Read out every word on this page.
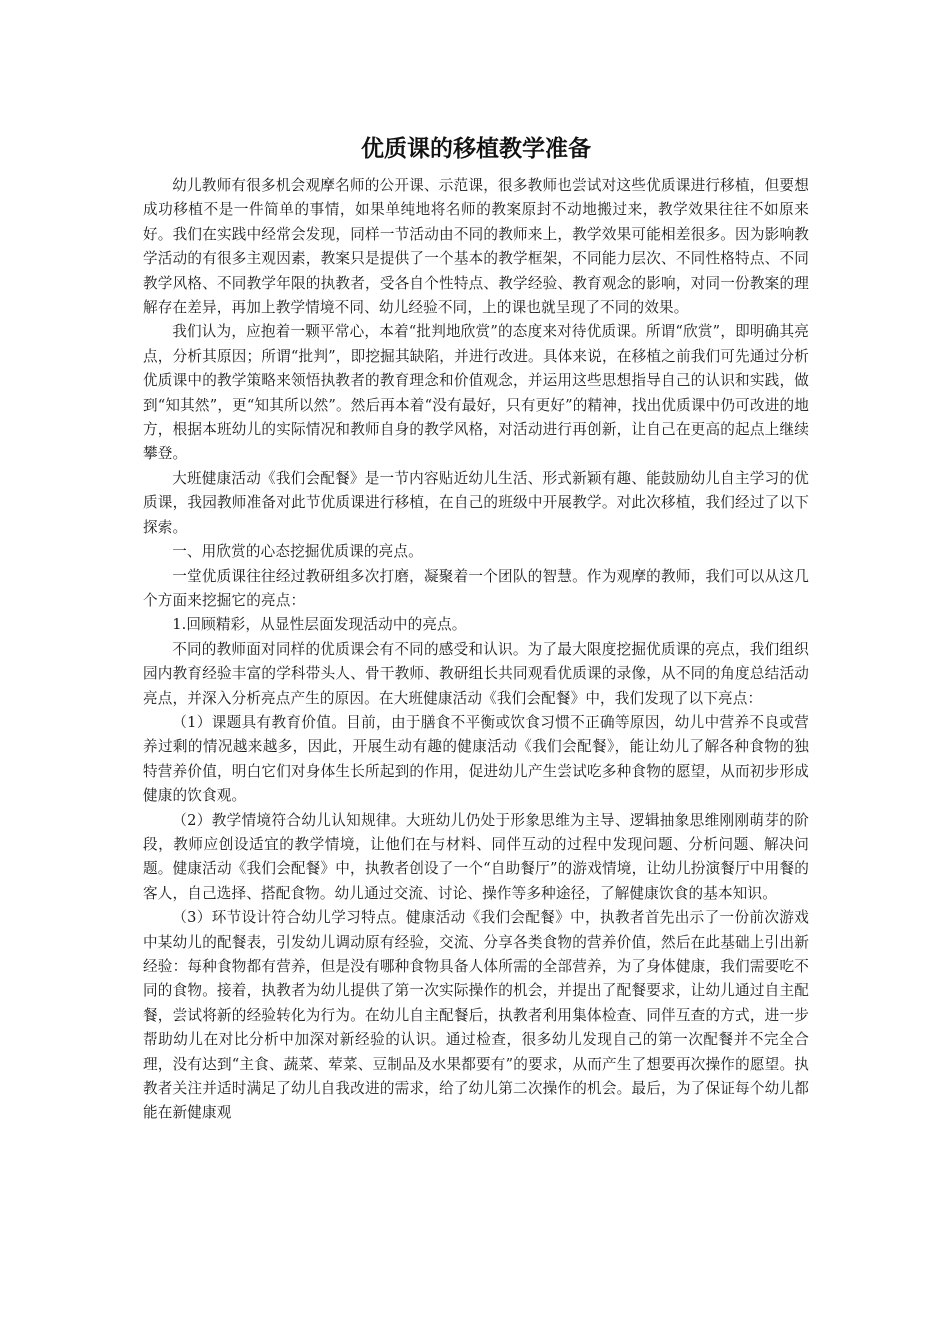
优质课的移植教学准备

幼儿教师有很多机会观摩名师的公开课、示范课，很多教师也尝试对这些优质课进行移植，但要想成功移植不是一件简单的事情，如果单纯地将名师的教案原封不动地搬过来，教学效果往往不如原来好。我们在实践中经常会发现，同样一节活动由不同的教师来上，教学效果可能相差很多。因为影响教学活动的有很多主观因素，教案只是提供了一个基本的教学框架，不同能力层次、不同性格特点、不同教学风格、不同教学年限的执教者，受各自个性特点、教学经验、教育观念的影响，对同一份教案的理解存在差异，再加上教学情境不同、幼儿经验不同，上的课也就呈现了不同的效果。

我们认为，应抱着一颗平常心，本着“批判地欣赏”的态度来对待优质课。所谓“欣赏”，即明确其亮点，分析其原因；所谓“批判”，即挖掘其缺陷，并进行改进。具体来说，在移植之前我们可先通过分析优质课中的教学策略来领悟执教者的教育理念和价值观念，并运用这些思想指导自己的认识和实践，做到“知其然”，更“知其所以然”。然后再本着“没有最好，只有更好”的精神，找出优质课中仍可改进的地方，根据本班幼儿的实际情况和教师自身的教学风格，对活动进行再创新，让自己在更高的起点上继续攀登。

大班健康活动《我们会配餐》是一节内容贴近幼儿生活、形式新颖有趣、能鼓励幼儿自主学习的优质课，我园教师准备对此节优质课进行移植，在自己的班级中开展教学。对此次移植，我们经过了以下探索。

一、用欣赏的心态挖掘优质课的亮点。

一堂优质课往往经过教研组多次打磨，凝聚着一个团队的智慧。作为观摩的教师，我们可以从这几个方面来挖掘它的亮点：

1.回顾精彩，从显性层面发现活动中的亮点。

不同的教师面对同样的优质课会有不同的感受和认识。为了最大限度挖掘优质课的亮点，我们组织园内教育经验丰富的学科带头人、骨干教师、教研组长共同观看优质课的录像，从不同的角度总结活动亮点，并深入分析亮点产生的原因。在大班健康活动《我们会配餐》中，我们发现了以下亮点：

（1）课题具有教育价值。目前，由于膳食不平衡或饮食习惯不正确等原因，幼儿中营养不良或营养过剩的情况越来越多，因此，开展生动有趣的健康活动《我们会配餐》，能让幼儿了解各种食物的独特营养价值，明白它们对身体生长所起到的作用，促进幼儿产生尝试吃多种食物的愿望，从而初步形成健康的饮食观。

（2）教学情境符合幼儿认知规律。大班幼儿仍处于形象思维为主导、逻辑抽象思维刚刚萌芽的阶段，教师应创设适宜的教学情境，让他们在与材料、同伴互动的过程中发现问题、分析问题、解决问题。健康活动《我们会配餐》中，执教者创设了一个“自助餐厅”的游戏情境，让幼儿扮演餐厅中用餐的客人，自己选择、搭配食物。幼儿通过交流、讨论、操作等多种途径，了解健康饮食的基本知识。

（3）环节设计符合幼儿学习特点。健康活动《我们会配餐》中，执教者首先出示了一份前次游戏中某幼儿的配餐表，引发幼儿调动原有经验，交流、分享各类食物的营养价值，然后在此基础上引出新经验：每种食物都有营养，但是没有哪种食物具备人体所需的全部营养，为了身体健康，我们需要吃不同的食物。接着，执教者为幼儿提供了第一次实际操作的机会，并提出了配餐要求，让幼儿通过自主配餐，尝试将新的经验转化为行为。在幼儿自主配餐后，执教者利用集体检查、同伴互查的方式，进一步帮助幼儿在对比分析中加深对新经验的认识。通过检查，很多幼儿发现自己的第一次配餐并不完全合理，没有达到“主食、蔬菜、荤菜、豆制品及水果都要有”的要求，从而产生了想要再次操作的愿望。执教者关注并适时满足了幼儿自我改进的需求，给了幼儿第二次操作的机会。最后，为了保证每个幼儿都能在新健康观
